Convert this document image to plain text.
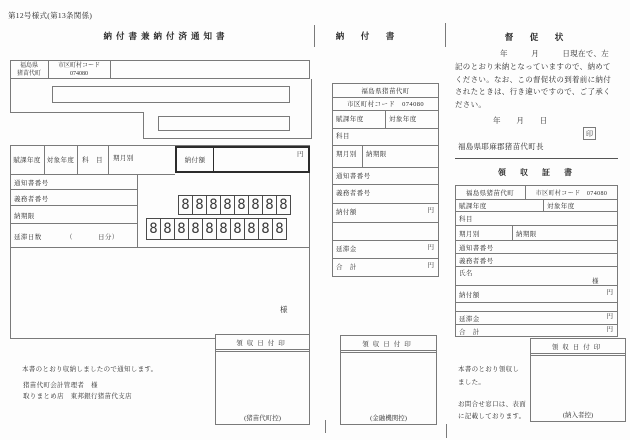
第12号様式(第13条関係)
納付書兼納付済通知書
福島県
猪苗代町
市区町村コード
074080
賦課年度 対象年度	科　目	期月別	納付額
円
通知書番号
義務者番号
納期限
延滞日数	（	日分）
8 8 8 8 8 8 8 8
8 8 8 8 8 8 8 8 8 8
様
領収日付印
(猪苗代町控)
本書のとおり収納しましたので通知します。
猪苗代町会計管理者　様
取りまとめ店　東邦銀行猪苗代支店
納　付　書
福島県猪苗代町
市区町村コード　074080
賦課年度	対象年度
科目
期月別 納期限
通知書番号
義務者番号
納付額	円
延滞金	円
合　計	円
領収日付印
(金融機関控)
督　促　状
年　　　月　　　日現在で、左
記のとおり未納となっていますので、納めて
ください。なお、この督促状の到着前に納付
されたときは、行き違いですので、ご了承く
ださい。
年　　月　　日
印
福島県耶麻郡猪苗代町長
領　収　証　書
福島県猪苗代町	市区町村コード　074080
賦課年度	対象年度
科目
期月別	納期限
通知書番号
義務者番号
氏名
様
納付額	円
延滞金	円
合　計	円
領収日付印
(納入者控)
本書のとおり領収し
ました。
お問合せ窓口は、表面
に記載しております。
